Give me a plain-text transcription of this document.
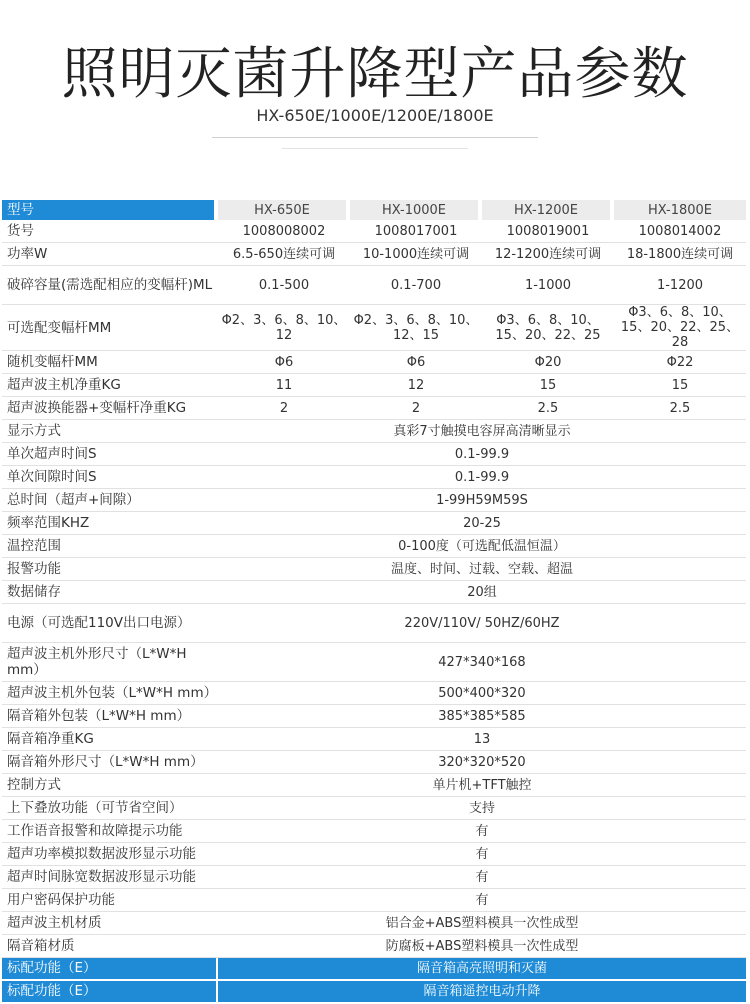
照明灭菌升降型产品参数
HX-650E/1000E/1200E/1800E
型号	HX-650E	HX-1000E	HX-1200E	HX-1800E
货号	1008008002	1008017001	1008019001	1008014002
功率W	6.5-650连续可调	10-1000连续可调	12-1200连续可调	18-1800连续可调
破碎容量(需选配相应的变幅杆)ML	0.1-500	0.1-700	1-1000	1-1200
可选配变幅杆MM	Φ2、3、6、8、10、12	Φ2、3、6、8、10、12、15	Φ3、6、8、10、15、20、22、25	Φ3、6、8、10、15、20、22、25、28
随机变幅杆MM	Φ6	Φ6	Φ20	Φ22
超声波主机净重KG	11	12	15	15
超声波换能器+变幅杆净重KG	2	2	2.5	2.5
显示方式	真彩7寸触摸电容屏高清晰显示			
单次超声时间S	0.1-99.9			
单次间隙时间S	0.1-99.9			
总时间（超声+间隙）	1-99H59M59S			
频率范围KHZ	20-25			
温控范围	0-100度（可选配低温恒温）			
报警功能	温度、时间、过载、空载、超温			
数据储存	20组			
电源（可选配110V出口电源）	220V/110V/ 50HZ/60HZ			
超声波主机外形尺寸（L*W*H mm）	427*340*168			
超声波主机外包装（L*W*H mm）	500*400*320			
隔音箱外包装（L*W*H mm）	385*385*585			
隔音箱净重KG	13			
隔音箱外形尺寸（L*W*H mm）	320*320*520			
控制方式	单片机+TFT触控			
上下叠放功能（可节省空间）	支持			
工作语音报警和故障提示功能	有			
超声功率模拟数据波形显示功能	有			
超声时间脉宽数据波形显示功能	有			
用户密码保护功能	有			
超声波主机材质	铝合金+ABS塑料模具一次性成型			
隔音箱材质	防腐板+ABS塑料模具一次性成型			
标配功能（E）	隔音箱高亮照明和灭菌			
标配功能（E）	隔音箱遥控电动升降			
